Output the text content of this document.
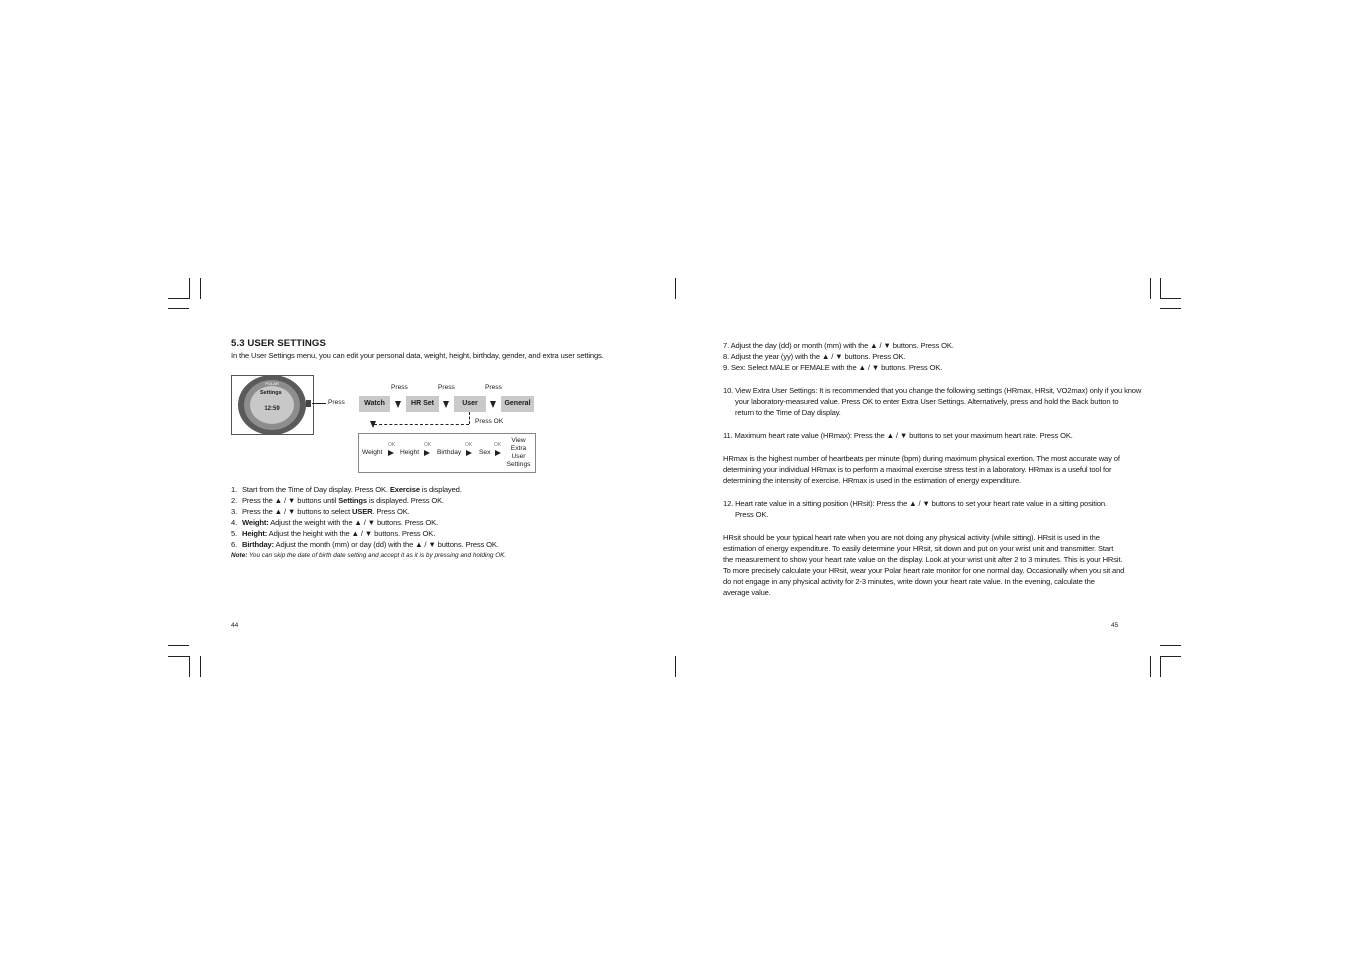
5.3 USER SETTINGS
In the User Settings menu, you can edit your personal data, weight, height, birthday, gender, and extra user settings.
POLAR
12:59
Settings
Press
Press	Press	Press
Watch	HR Set	User	General
Press OK
Weight
OK
Height
OK
Birthday
OK
Sex
OK
View
Extra
User
Settings
1. Start from the Time of Day display. Press OK. Exercise is displayed.
2. Press the ▲ / ▼ buttons until Settings is displayed. Press OK.
3. Press the ▲ / ▼ buttons to select USER. Press OK.
4. Weight: Adjust the weight with the ▲ / ▼ buttons. Press OK.
5. Height: Adjust the height with the ▲ / ▼ buttons. Press OK.
6. Birthday: Adjust the month (mm) or day (dd) with the ▲ / ▼ buttons. Press OK.
Note: You can skip the date of birth date setting and accept it as it is by pressing and holding OK.
44
7. Adjust the day (dd) or month (mm) with the ▲ / ▼ buttons. Press OK.
8. Adjust the year (yy) with the ▲ / ▼ buttons. Press OK.
9. Sex: Select MALE or FEMALE with the ▲ / ▼ buttons. Press OK.
10. View Extra User Settings: It is recommended that you change the following settings (HRmax, HRsit, VO2max) only if you know
your laboratory-measured value. Press OK to enter Extra User Settings. Alternatively, press and hold the Back button to
return to the Time of Day display.
11. Maximum heart rate value (HRmax): Press the ▲ / ▼ buttons to set your maximum heart rate. Press OK.
HRmax is the highest number of heartbeats per minute (bpm) during maximum physical exertion. The most accurate way of
determining your individual HRmax is to perform a maximal exercise stress test in a laboratory. HRmax is a useful tool for
determining the intensity of exercise. HRmax is used in the estimation of energy expenditure.
12. Heart rate value in a sitting position (HRsit): Press the ▲ / ▼ buttons to set your heart rate value in a sitting position.
Press OK.
HRsit should be your typical heart rate when you are not doing any physical activity (while sitting). HRsit is used in the
estimation of energy expenditure. To easily determine your HRsit, sit down and put on your wrist unit and transmitter. Start
the measurement to show your heart rate value on the display. Look at your wrist unit after 2 to 3 minutes. This is your HRsit.
To more precisely calculate your HRsit, wear your Polar heart rate monitor for one normal day. Occasionally when you sit and
do not engage in any physical activity for 2-3 minutes, write down your heart rate value. In the evening, calculate the
average value.
45
